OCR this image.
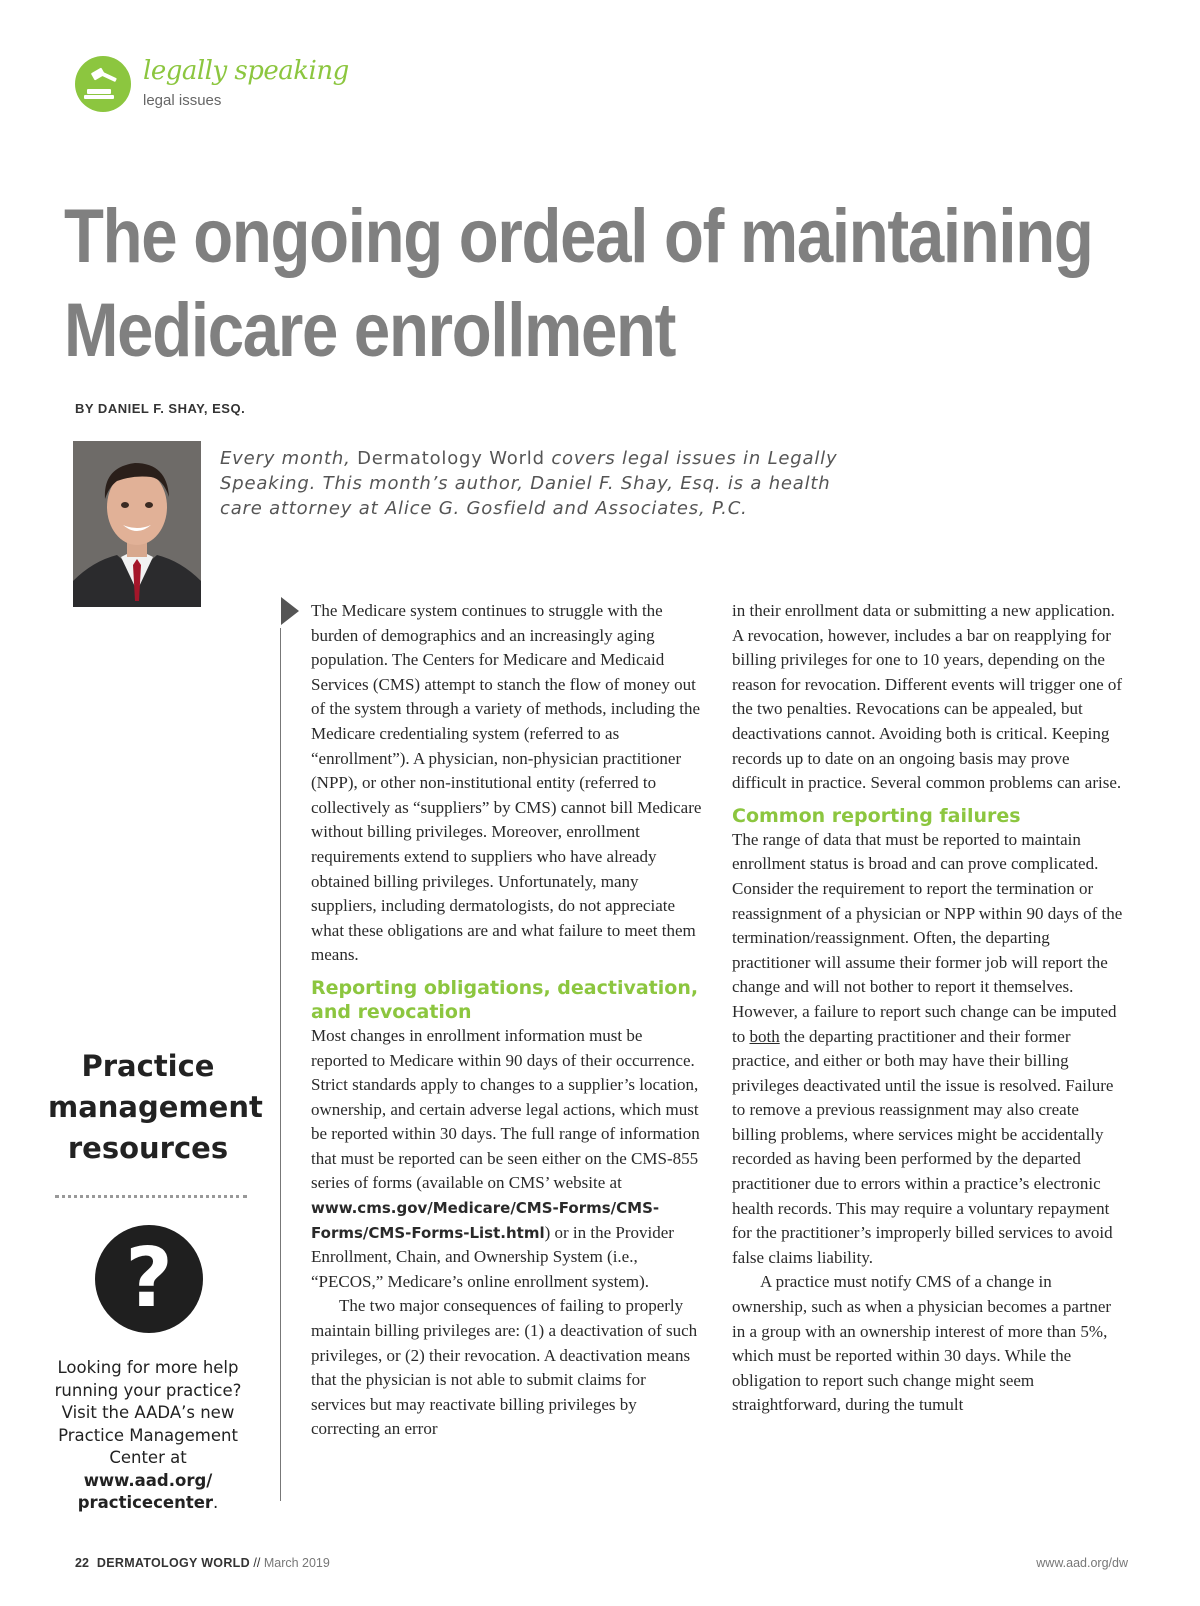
legally speaking
legal issues
The ongoing ordeal of maintaining
Medicare enrollment
BY DANIEL F. SHAY, ESQ.

Every month, Dermatology World covers legal issues in Legally Speaking. This month’s author, Daniel F. Shay, Esq. is a health care attorney at Alice G. Gosfield and Associates, P.C.

The Medicare system continues to struggle with the burden of demographics and an increasingly aging population. The Centers for Medicare and Medicaid Services (CMS) attempt to stanch the flow of money out of the system through a variety of methods, including the Medicare credentialing system (referred to as “enrollment”). A physician, non-physician practitioner (NPP), or other non-institutional entity (referred to collectively as “suppliers” by CMS) cannot bill Medicare without billing privileges. Moreover, enrollment requirements extend to suppliers who have already obtained billing privileges. Unfortunately, many suppliers, including dermatologists, do not appreciate what these obligations are and what failure to meet them means.

Reporting obligations, deactivation, and revocation

Most changes in enrollment information must be reported to Medicare within 90 days of their occurrence. Strict standards apply to changes to a supplier’s location, ownership, and certain adverse legal actions, which must be reported within 30 days. The full range of information that must be reported can be seen either on the CMS-855 series of forms (available on CMS’ website at www.cms.gov/Medicare/CMS-Forms/CMS-Forms/CMS-Forms-List.html) or in the Provider Enrollment, Chain, and Ownership System (i.e., “PECOS,” Medicare’s online enrollment system).

The two major consequences of failing to properly maintain billing privileges are: (1) a deactivation of such privileges, or (2) their revocation. A deactivation means that the physician is not able to submit claims for services but may reactivate billing privileges by correcting an error

in their enrollment data or submitting a new application. A revocation, however, includes a bar on reapplying for billing privileges for one to 10 years, depending on the reason for revocation. Different events will trigger one of the two penalties. Revocations can be appealed, but deactivations cannot. Avoiding both is critical. Keeping records up to date on an ongoing basis may prove difficult in practice. Several common problems can arise.

Common reporting failures

The range of data that must be reported to maintain enrollment status is broad and can prove complicated. Consider the requirement to report the termination or reassignment of a physician or NPP within 90 days of the termination/reassignment. Often, the departing practitioner will assume their former job will report the change and will not bother to report it themselves. However, a failure to report such change can be imputed to both the departing practitioner and their former practice, and either or both may have their billing privileges deactivated until the issue is resolved. Failure to remove a previous reassignment may also create billing problems, where services might be accidentally recorded as having been performed by the departed practitioner due to errors within a practice’s electronic health records. This may require a voluntary repayment for the practitioner’s improperly billed services to avoid false claims liability.

A practice must notify CMS of a change in ownership, such as when a physician becomes a partner in a group with an ownership interest of more than 5%, which must be reported within 30 days. While the obligation to report such change might seem straightforward, during the tumult

Practice
management
resources
?

Looking for more help running your practice? Visit the AADA’s new Practice Management Center at www.aad.org/ practicecenter.

22 DERMATOLOGY WORLD // March 2019	www.aad.org/dw
